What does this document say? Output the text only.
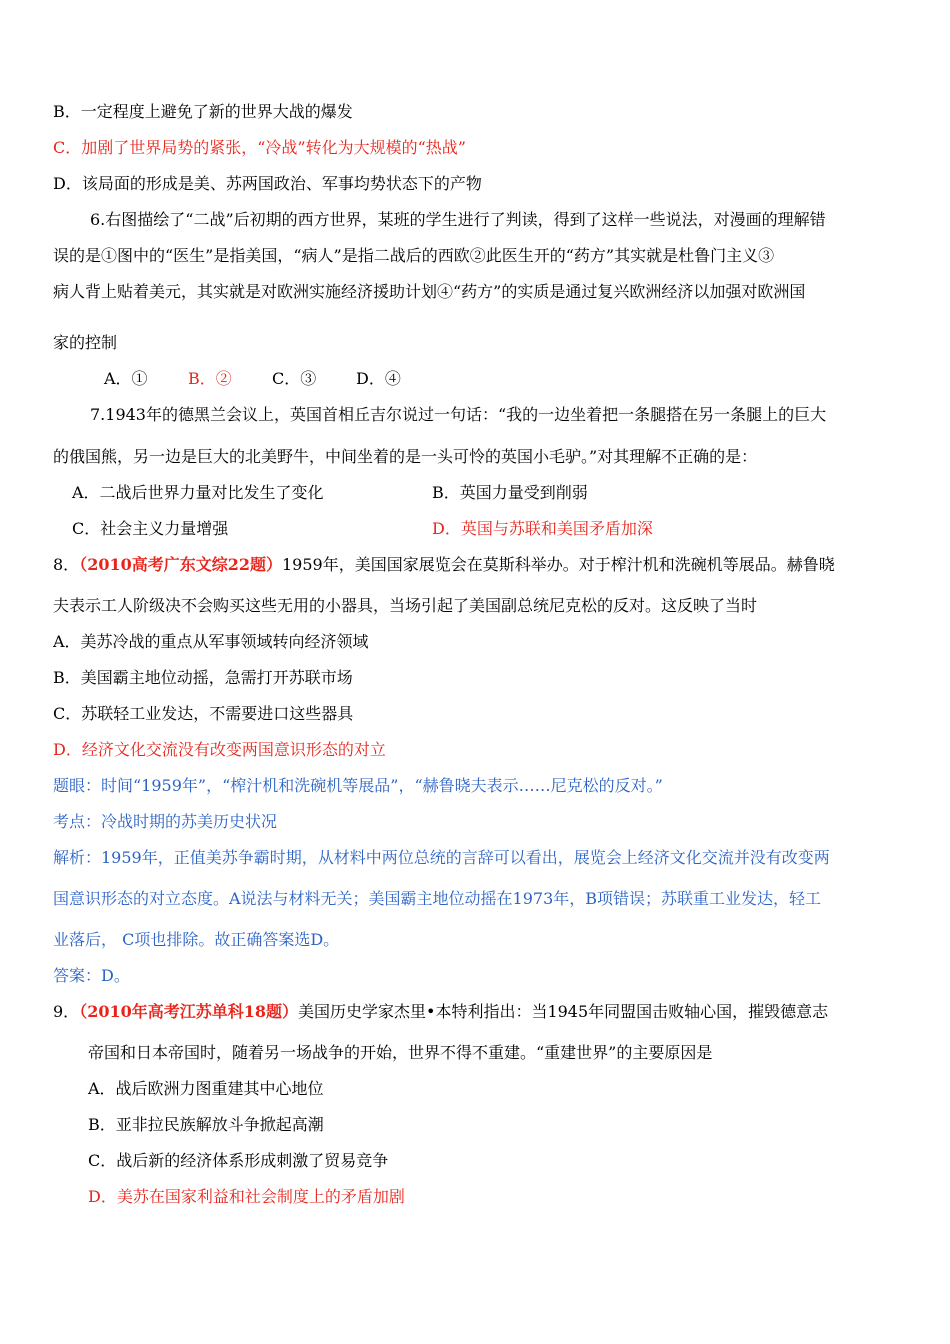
B．一定程度上避免了新的世界大战的爆发
C．加剧了世界局势的紧张，“冷战”转化为大规模的“热战”
D．该局面的形成是美、苏两国政治、军事均势状态下的产物
6.右图描绘了“二战”后初期的西方世界，某班的学生进行了判读，得到了这样一些说法，对漫画的理解错
误的是①图中的“医生”是指美国，“病人”是指二战后的西欧②此医生开的“药方”其实就是杜鲁门主义③
病人背上贴着美元，其实就是对欧洲实施经济援助计划④“药方”的实质是通过复兴欧洲经济以加强对欧洲国
家的控制
A．①	B．②	C．③ D．④
7.1943年的德黑兰会议上，英国首相丘吉尔说过一句话：“我的一边坐着把一条腿搭在另一条腿上的巨大
的俄国熊，另一边是巨大的北美野牛，中间坐着的是一头可怜的英国小毛驴。”对其理解不正确的是：
A．二战后世界力量对比发生了变化	B．英国力量受到削弱
C．社会主义力量增强	D．英国与苏联和美国矛盾加深
8．（2010高考广东文综22题）1959年，美国国家展览会在莫斯科举办。对于榨汁机和洗碗机等展品。赫鲁晓
夫表示工人阶级决不会购买这些无用的小器具，当场引起了美国副总统尼克松的反对。这反映了当时
A．美苏冷战的重点从军事领域转向经济领域
B．美国霸主地位动摇，急需打开苏联市场
C．苏联轻工业发达，不需要进口这些器具
D．经济文化交流没有改变两国意识形态的对立
题眼：时间“1959年”，“榨汁机和洗碗机等展品”，“赫鲁晓夫表示……尼克松的反对。”
考点：冷战时期的苏美历史状况
解析：1959年，正值美苏争霸时期，从材料中两位总统的言辞可以看出，展览会上经济文化交流并没有改变两
国意识形态的对立态度。A说法与材料无关；美国霸主地位动摇在1973年，B项错误；苏联重工业发达，轻工
业落后， C项也排除。故正确答案选D。
答案：D。
9．（2010年高考江苏单科18题）美国历史学家杰里•本特利指出：当1945年同盟国击败轴心国，摧毁德意志
帝国和日本帝国时，随着另一场战争的开始，世界不得不重建。“重建世界”的主要原因是
A．战后欧洲力图重建其中心地位
B．亚非拉民族解放斗争掀起高潮
C．战后新的经济体系形成刺激了贸易竞争
D．美苏在国家利益和社会制度上的矛盾加剧
